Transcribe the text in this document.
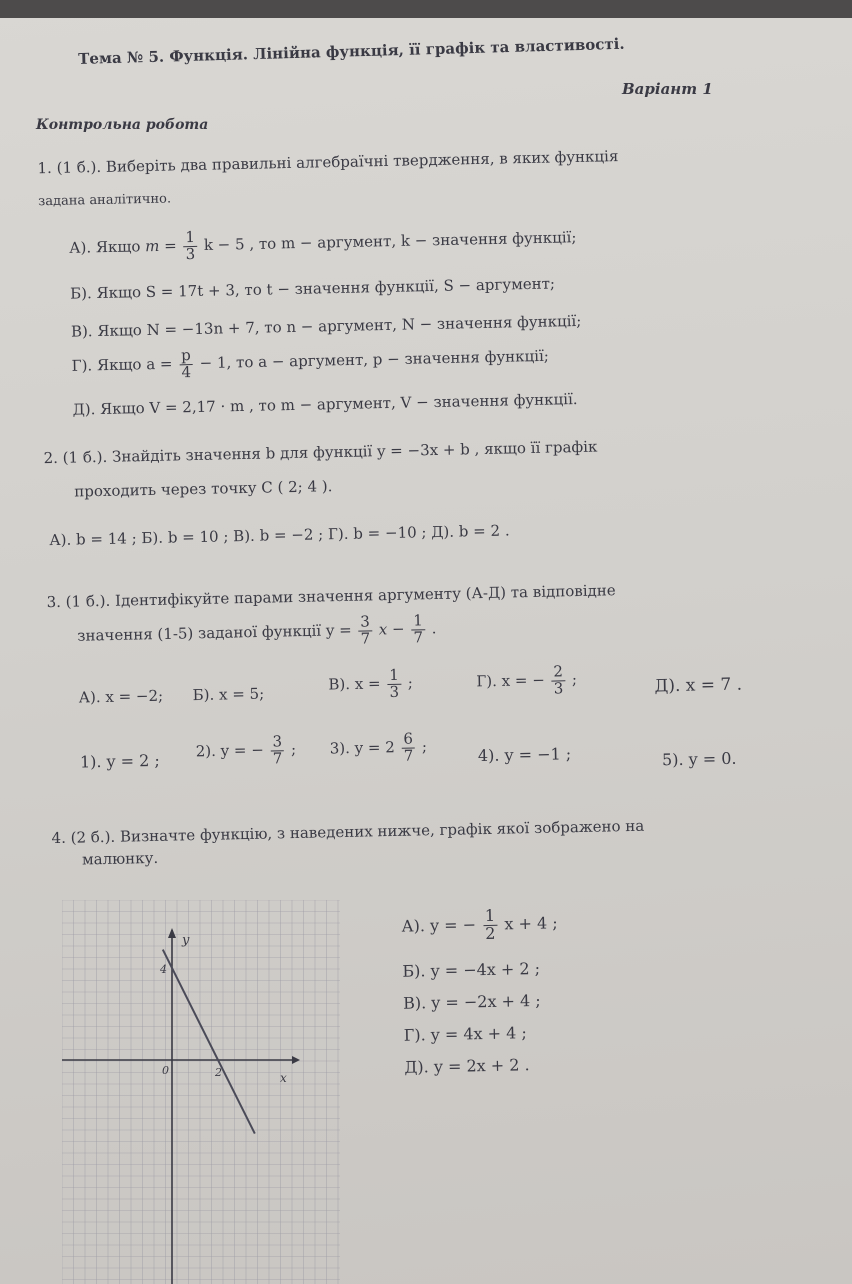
Тема № 5. Функція. Лінійна функція, її графік та властивості.
Варіант 1
Контрольна робота
1. (1 б.). Виберіть два правильні алгебраїчні твердження, в яких функція
задана аналітично.
А). Якщо $m = \frac{1}{3}$ k − 5 , то m − аргумент, k − значення функції;
Б). Якщо S = 17t + 3, то t − значення функції, S − аргумент;
В). Якщо N = −13n + 7, то n − аргумент, N − значення функції;
Г). Якщо $a = \frac{p}{4} - 1$, то a − аргумент, p − значення функції;
Д). Якщо V = 2,17 · m , то m − аргумент, V − значення функції.
2. (1 б.). Знайдіть значення b для функції y = −3x + b , якщо її графік
проходить через точку C ( 2; 4 ).
А). b = 14 ; Б). b = 10 ; В). b = −2 ; Г). b = −10 ; Д). b = 2 .
3. (1 б.). Ідентифікуйте парами значення аргументу (А-Д) та відповідне
значення (1-5) заданої функції $y = \frac{3}{7}$ $x - \frac{1}{7}$ .
А). x = −2; Б). x = 5;
В). $x = \frac{1}{3}$ ;	Г). x = − $\frac{2}{3}$ ;	Д). x = 7 .
1). y = 2 ;
2). y = − $\frac{3}{7}$ ; 3). $y = 2 \frac{6}{7}$ ;	4). y = −1 ;	5). y = 0.
4. (2 б.). Визначте функцію, з наведених нижче, графік якої зображено на
малюнку.
А). y = − $\frac{1}{2}$ x + 4 ;
Б). y = −4x + 2 ;
В). y = −2x + 4 ;
Г). y = 4x + 4 ;
Д). y = 2x + 2 .
y
x
0
4
2
